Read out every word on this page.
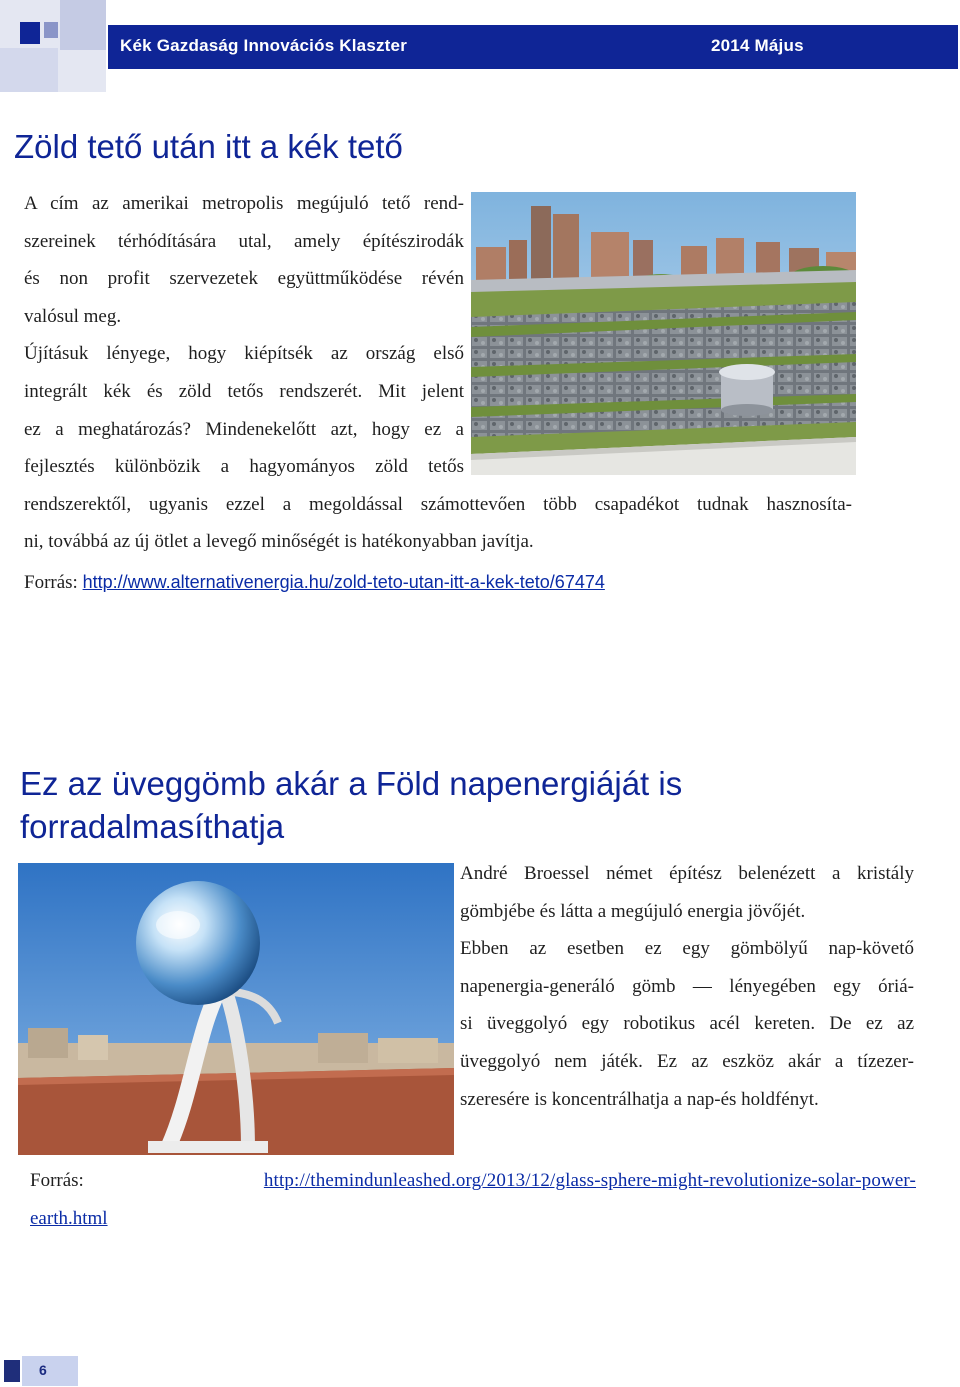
Kék Gazdaság Innovációs Klaszter	2014 Május
Zöld tető után itt a kék tető
A cím az amerikai metropolis megújuló tető rend-
szereinek térhódítására utal, amely építészirodák
és non profit szervezetek együttműködése révén
valósul meg.
Újításuk lényege, hogy kiépítsék az ország első
integrált kék és zöld tetős rendszerét. Mit jelent
ez a meghatározás? Mindenekelőtt azt, hogy ez a
fejlesztés különbözik a hagyományos zöld tetős
rendszerektől, ugyanis ezzel a megoldással számottevően több csapadékot tudnak hasznosíta-
ni, továbbá az új ötlet a levegő minőségét is hatékonyabban javítja.
Forrás: http://www.alternativenergia.hu/zold-teto-utan-itt-a-kek-teto/67474
Ez az üveggömb akár a Föld napenergiáját is forradalmasíthatja
André Broessel német építész belenézett a kristály
gömbjébe és látta a megújuló energia jövőjét.
Ebben az esetben ez egy gömbölyű nap-követő
napenergia-generáló gömb — lényegében egy óriá-
si üveggolyó egy robotikus acél kereten. De ez az
üveggolyó nem játék. Ez az eszköz akár a tízezer-
szeresére is koncentrálhatja a nap-és holdfényt.
Forrás:	http://themindunleashed.org/2013/12/glass-sphere-might-revolutionize-solar-power-
earth.html
6
